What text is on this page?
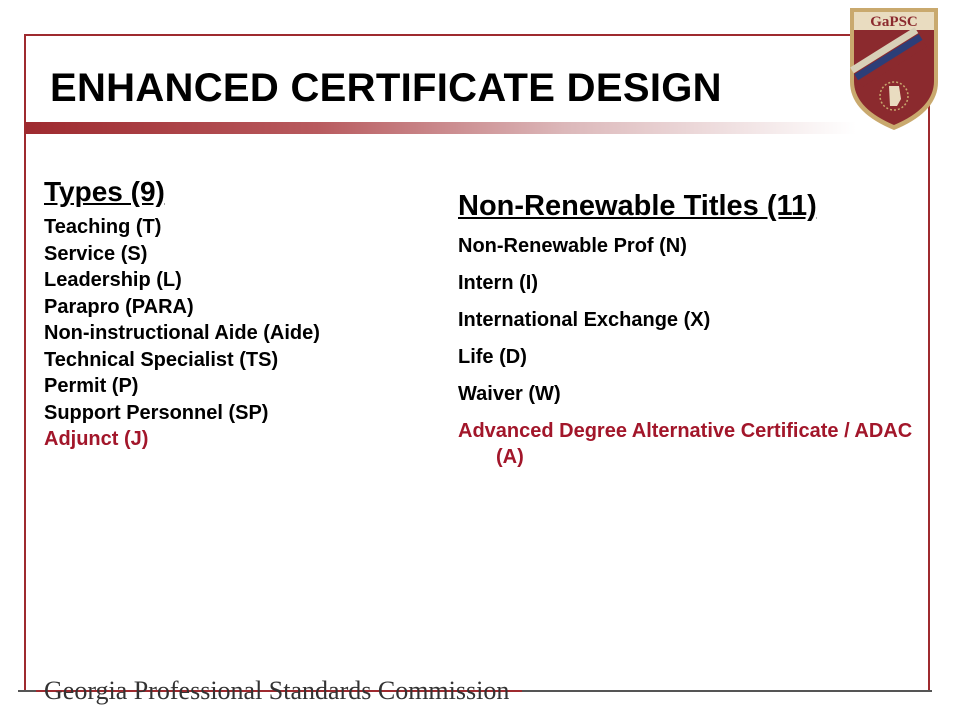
ENHANCED CERTIFICATE DESIGN
GaPSC
Types (9)
Teaching (T)
Service (S)
Leadership (L)
Parapro (PARA)
Non-instructional Aide (Aide)
Technical Specialist (TS)
Permit (P)
Support Personnel (SP)
Adjunct (J)
Non-Renewable Titles (11)
Non-Renewable Prof (N)
Intern (I)
International Exchange (X)
Life (D)
Waiver (W)
Advanced Degree Alternative Certificate / ADAC (A)
Georgia Professional Standards Commission
